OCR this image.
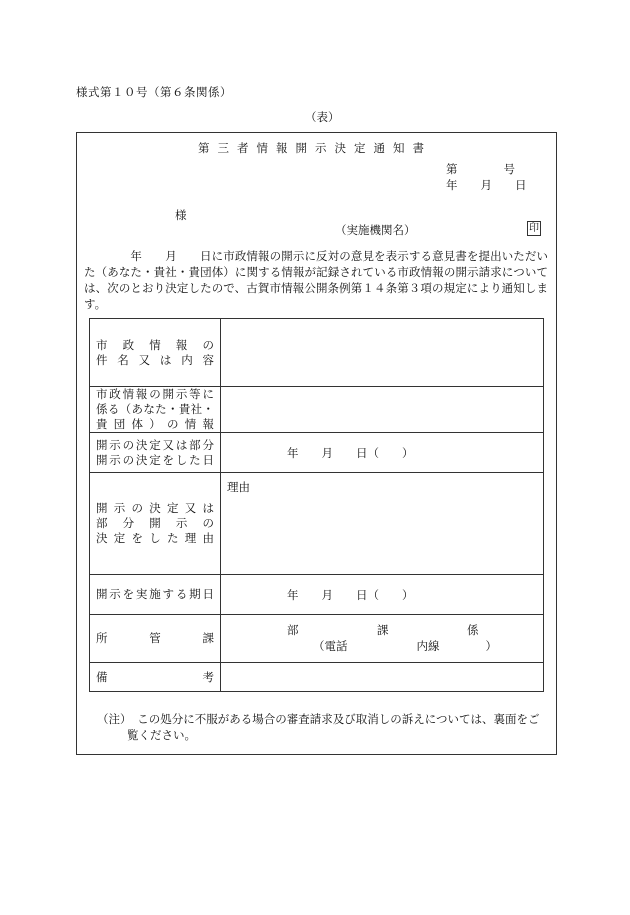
様式第１０号（第６条関係）
（表）
第三者情報開示決定通知書
第　　　　号
年　　月　　日
様
（実施機関名）	印

　　　　年　　月　　日に市政情報の開示に反対の意見を表示する意見書を提出いただいた（あなた・貴社・貴団体）に関する情報が記録されている市政情報の開示請求については、次のとおり決定したので、古賀市情報公開条例第１４条第３項の規定により通知します。

市政情報の
件名又は内容	

市政情報の開示等に
係る（あなた・貴社・
貴団体）の情報	

開示の決定又は部分
開示の決定をした日	年　　月　　日（　　）

開示の決定又は
部分開示の
決定をした理由	理由

開示を実施する期日	年　　月　　日（　　）

所管課	部 課 係
（電話　　　　　　内線　　　　）

備考	

（注）　この処分に不服がある場合の審査請求及び取消しの訴えについては、裏面をご
覧ください。
